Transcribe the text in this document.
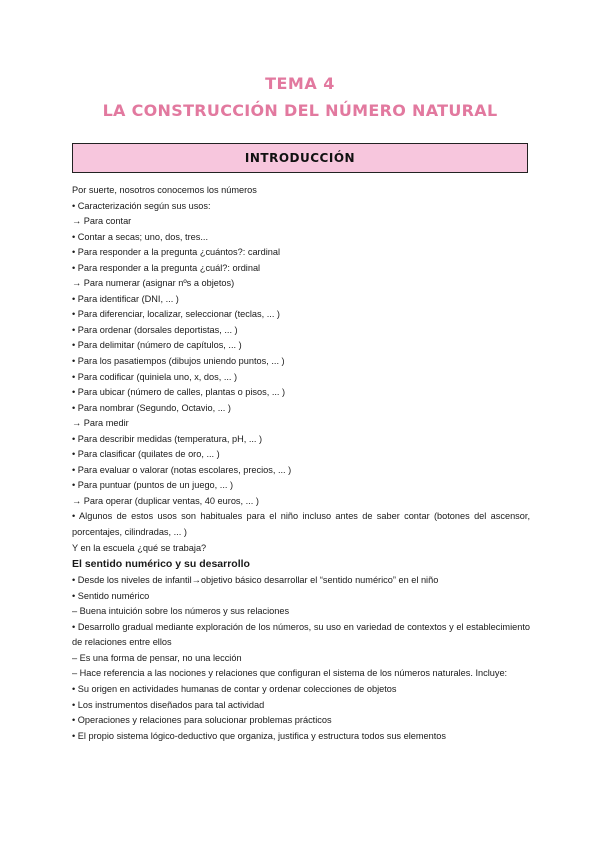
TEMA 4
LA CONSTRUCCIÓN DEL NÚMERO NATURAL
INTRODUCCIÓN
Por suerte, nosotros conocemos los números
• Caracterización según sus usos:
→ Para contar
• Contar a secas; uno, dos, tres...
• Para responder a la pregunta ¿cuántos?: cardinal
• Para responder a la pregunta ¿cuál?: ordinal
→ Para numerar (asignar nºs a objetos)
• Para identificar (DNI, ... )
• Para diferenciar, localizar, seleccionar (teclas, ... )
• Para ordenar (dorsales deportistas, ... )
• Para delimitar (número de capítulos, ... )
• Para los pasatiempos (dibujos uniendo puntos, ... )
• Para codificar (quiniela uno, x, dos, ... )
• Para ubicar (número de calles, plantas o pisos, ... )
• Para nombrar (Segundo, Octavio, ... )
→ Para medir
• Para describir medidas (temperatura, pH, ... )
• Para clasificar (quilates de oro, ... )
• Para evaluar o valorar (notas escolares, precios, ... )
• Para puntuar (puntos de un juego, ... )
→ Para operar (duplicar ventas, 40 euros, ... )
• Algunos de estos usos son habituales para el niño incluso antes de saber contar (botones del ascensor, porcentajes, cilindradas, ... )
Y en la escuela ¿qué se trabaja?
El sentido numérico y su desarrollo
• Desde los niveles de infantil→objetivo básico desarrollar el “sentido numérico” en el niño
• Sentido numérico
– Buena intuición sobre los números y sus relaciones
• Desarrollo gradual mediante exploración de los números, su uso en variedad de contextos y el establecimiento de relaciones entre ellos
– Es una forma de pensar, no una lección
– Hace referencia a las nociones y relaciones que configuran el sistema de los números naturales. Incluye:
• Su origen en actividades humanas de contar y ordenar colecciones de objetos
• Los instrumentos diseñados para tal actividad
• Operaciones y relaciones para solucionar problemas prácticos
• El propio sistema lógico-deductivo que organiza, justifica y estructura todos sus elementos
